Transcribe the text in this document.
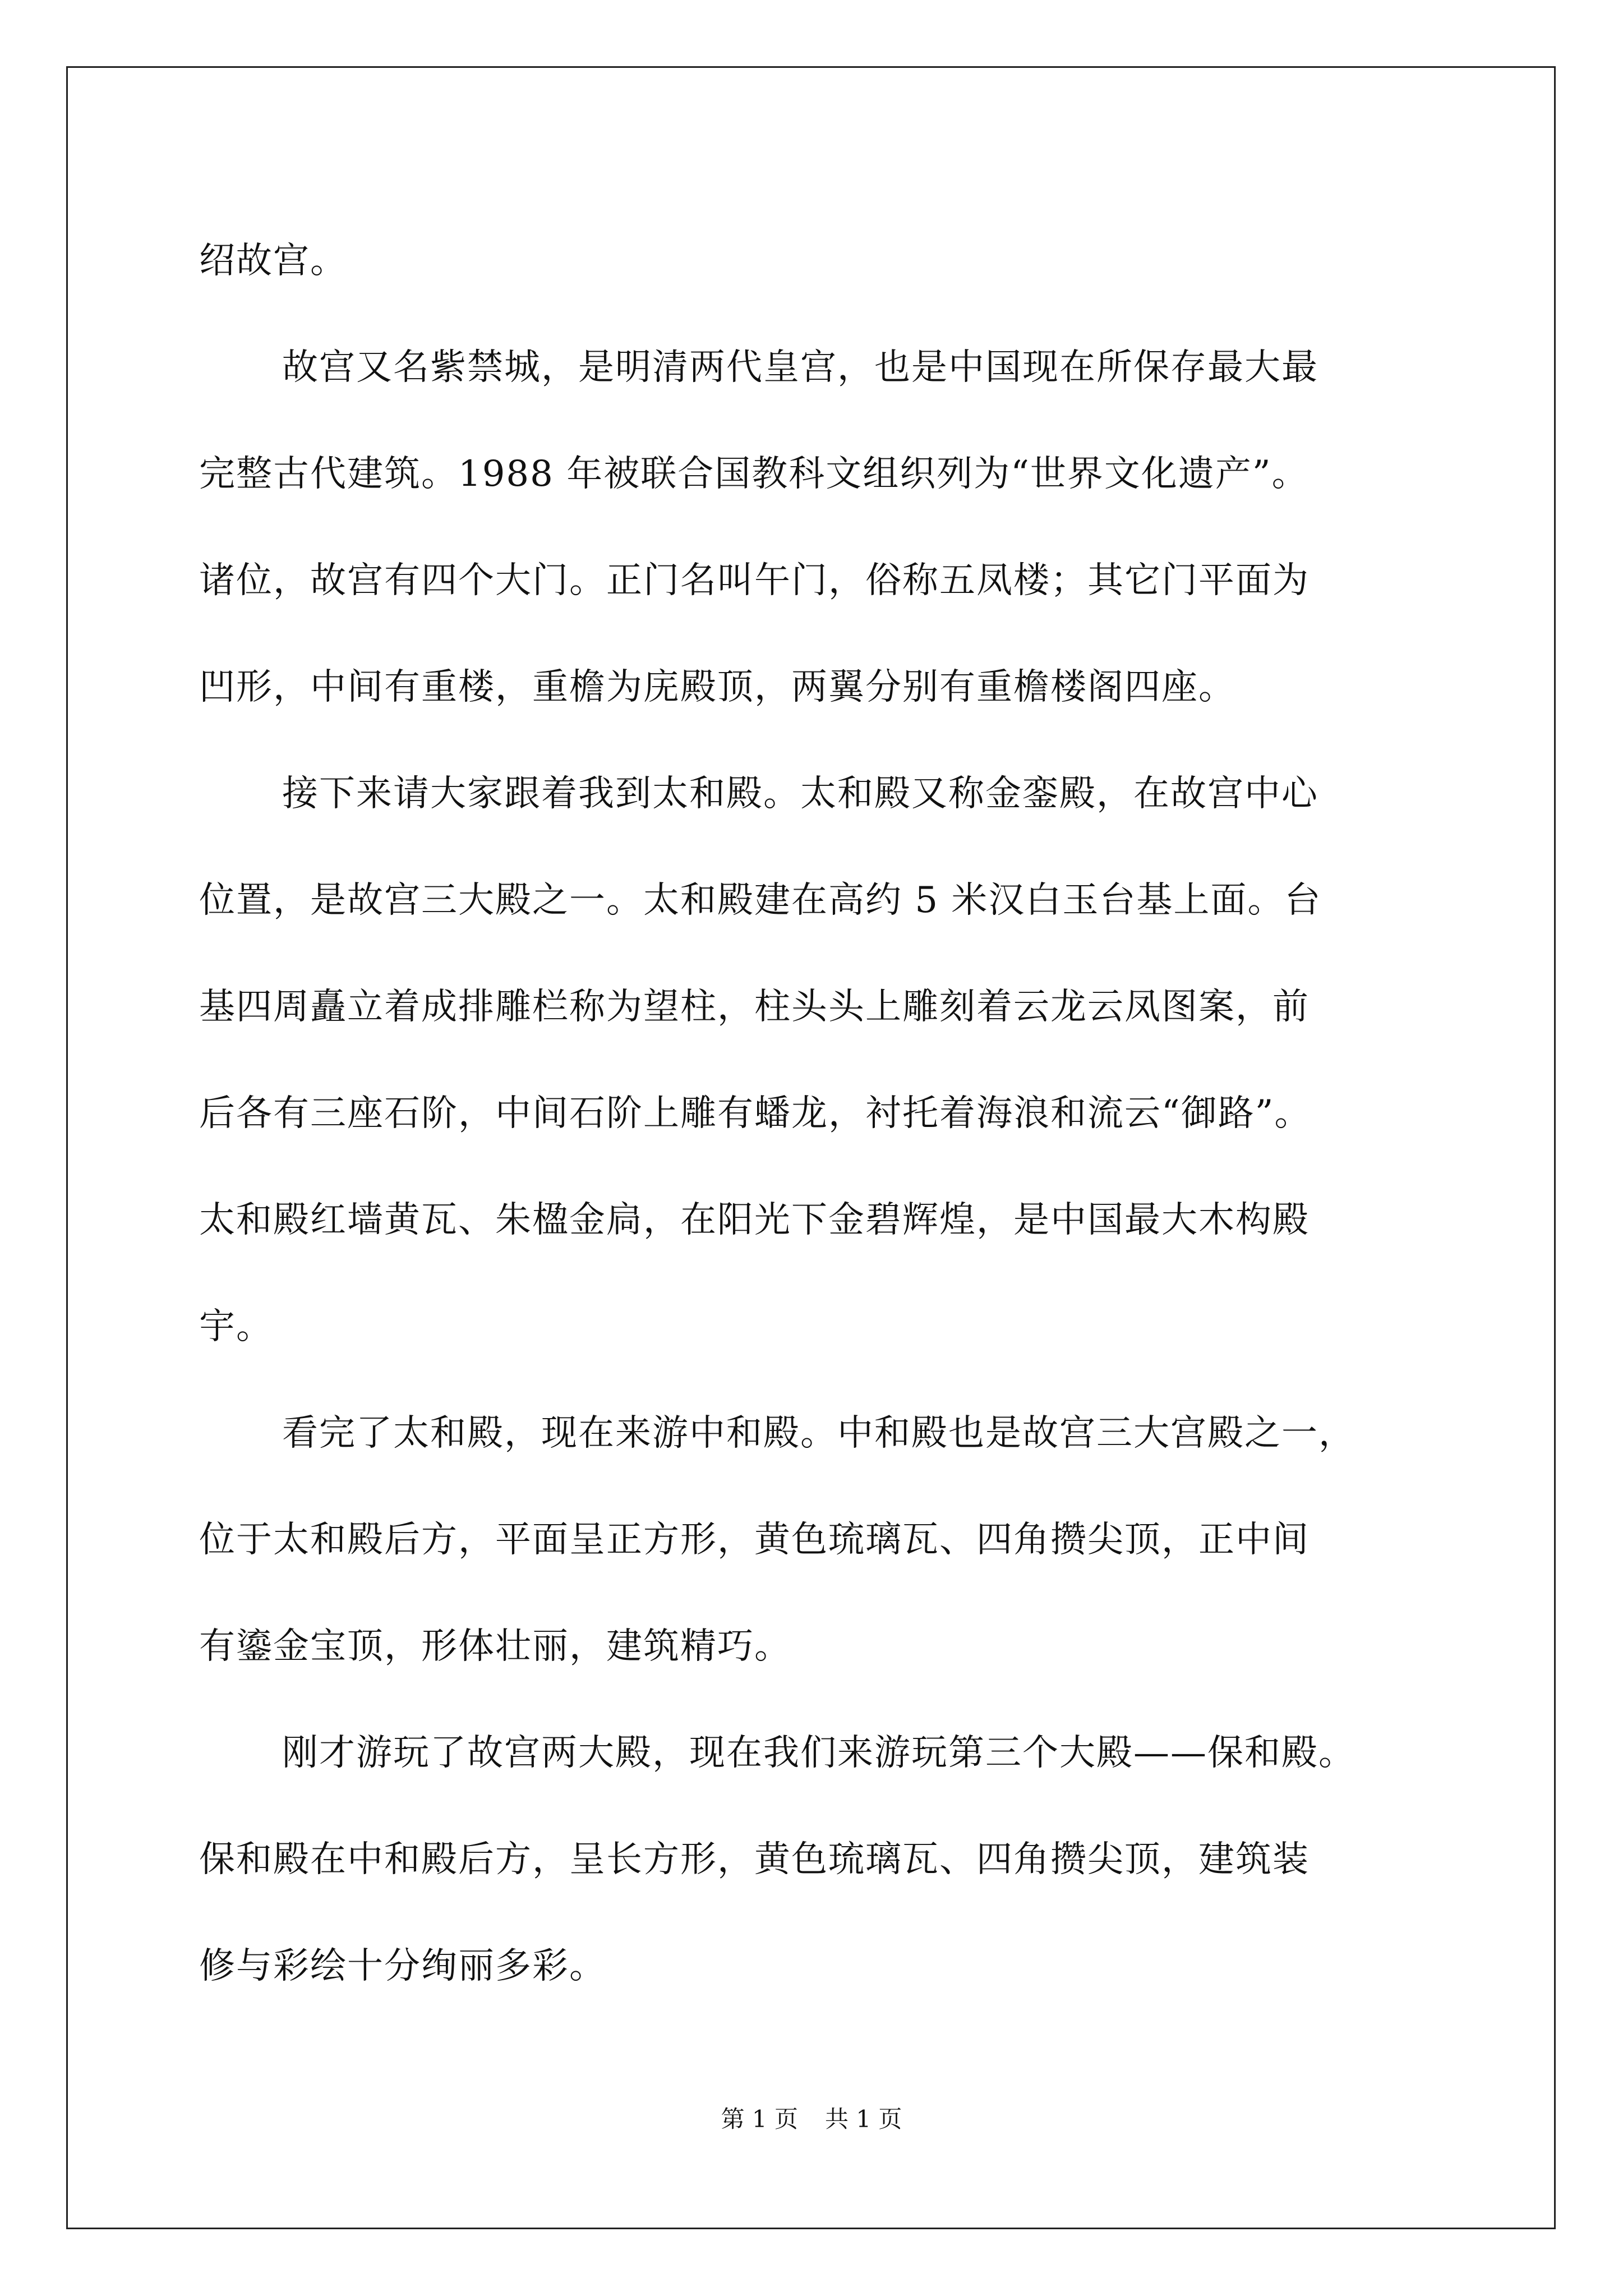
绍故宫。
故宫又名紫禁城，是明清两代皇宫，也是中国现在所保存最大最
完整古代建筑。1988 年被联合国教科文组织列为“世界文化遗产”。
诸位，故宫有四个大门。正门名叫午门，俗称五凤楼；其它门平面为
凹形，中间有重楼，重檐为庑殿顶，两翼分别有重檐楼阁四座。
接下来请大家跟着我到太和殿。太和殿又称金銮殿，在故宫中心
位置，是故宫三大殿之一。太和殿建在高约 5 米汉白玉台基上面。台
基四周矗立着成排雕栏称为望柱，柱头头上雕刻着云龙云凤图案，前
后各有三座石阶，中间石阶上雕有蟠龙，衬托着海浪和流云“御路”。
太和殿红墙黄瓦、朱楹金扃，在阳光下金碧辉煌，是中国最大木构殿
宇。
看完了太和殿，现在来游中和殿。中和殿也是故宫三大宫殿之一，
位于太和殿后方，平面呈正方形，黄色琉璃瓦、四角攒尖顶，正中间
有鎏金宝顶，形体壮丽，建筑精巧。
刚才游玩了故宫两大殿，现在我们来游玩第三个大殿——保和殿。
保和殿在中和殿后方，呈长方形，黄色琉璃瓦、四角攒尖顶，建筑装
修与彩绘十分绚丽多彩。
第 1 页 共 1 页
